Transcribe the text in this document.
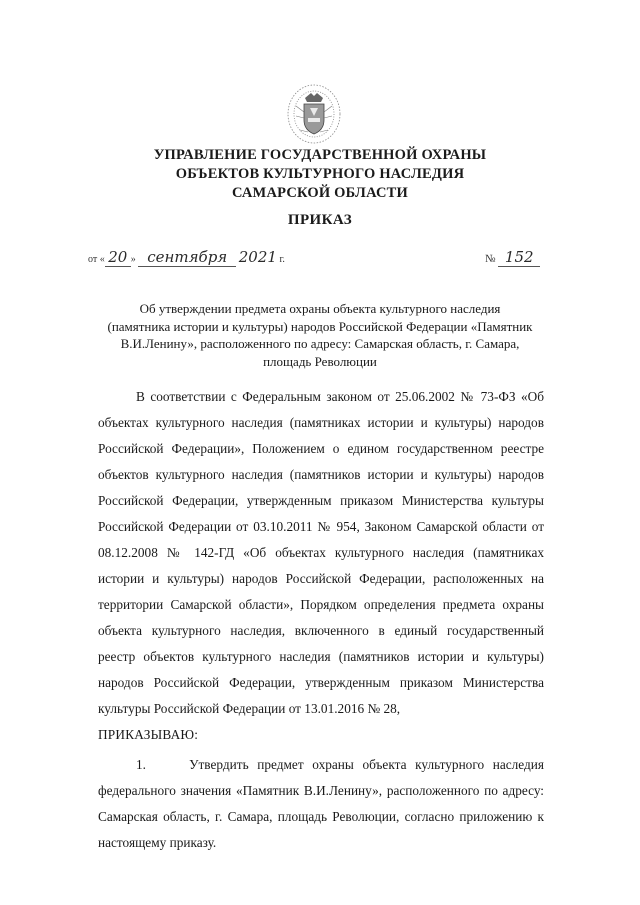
УПРАВЛЕНИЕ ГОСУДАРСТВЕННОЙ ОХРАНЫ
ОБЪЕКТОВ КУЛЬТУРНОГО НАСЛЕДИЯ
САМАРСКОЙ ОБЛАСТИ
ПРИКАЗ
от « 20 » сентября 2021 г.	№ 152
Об утверждении предмета охраны объекта культурного наследия
(памятника истории и культуры) народов Российской Федерации «Памятник
В.И.Ленину», расположенного по адресу: Самарская область, г. Самара,
площадь Революции

В соответствии с Федеральным законом от 25.06.2002 № 73-ФЗ «Об объектах культурного наследия (памятниках истории и культуры) народов Российской Федерации», Положением о едином государственном реестре объектов культурного наследия (памятников истории и культуры) народов Российской Федерации, утвержденным приказом Министерства культуры Российской Федерации от 03.10.2011 № 954, Законом Самарской области от 08.12.2008 № 142-ГД «Об объектах культурного наследия (памятниках истории и культуры) народов Российской Федерации, расположенных на территории Самарской области», Порядком определения предмета охраны объекта культурного наследия, включенного в единый государственный реестр объектов культурного наследия (памятников истории и культуры) народов Российской Федерации, утвержденным приказом Министерства культуры Российской Федерации от 13.01.2016 № 28,

ПРИКАЗЫВАЮ:

1.     Утвердить предмет охраны объекта культурного наследия федерального значения «Памятник В.И.Ленину», расположенного по адресу: Самарская область, г. Самара, площадь Революции, согласно приложению к настоящему приказу.
